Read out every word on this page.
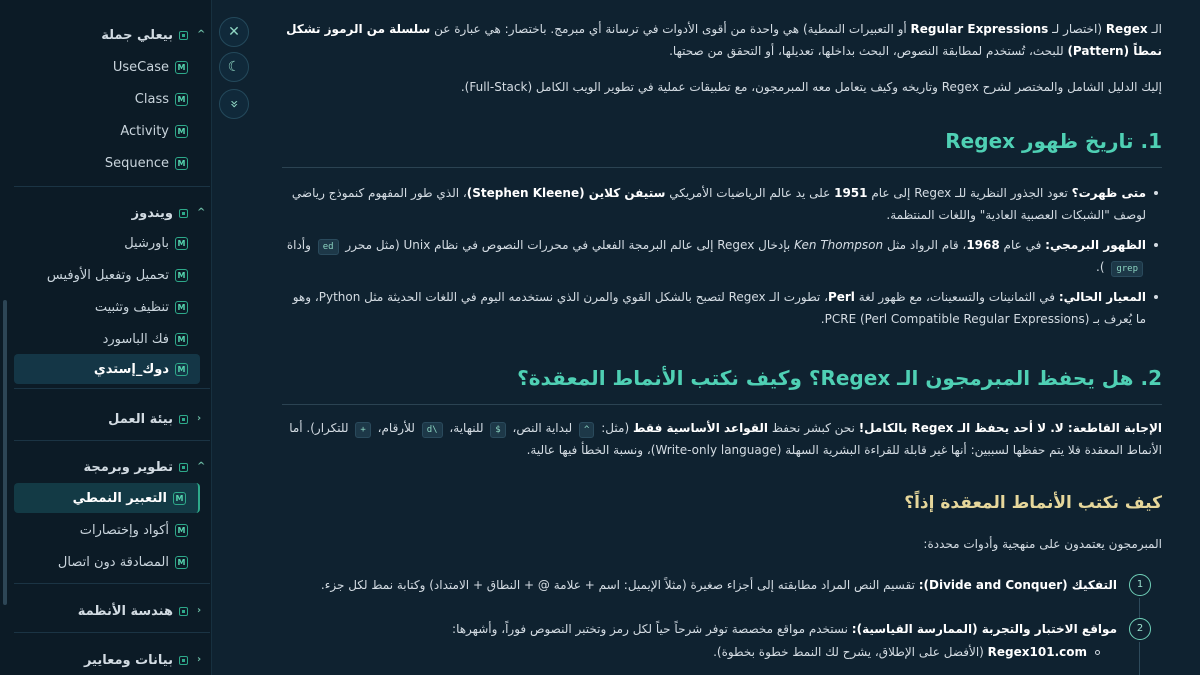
بيعلي جملة ^
UseCase	M
Class	M
Activity	M
Sequence	M
ويندوز ^
باورشيل	M
تحميل وتفعيل الأوفيس	M
تنظيف وتثبيت	M
فك الباسورد	M
دوك_إستدي	M
بيئة العمل ›
تطوير وبرمجة ^
التعبير النمطي	M
أكواد وإختصارات	M
المصادقة دون اتصال	M
هندسة الأنظمة ›
بيانات ومعايير ›
✕
☾
»

الـ Regex (اختصار لـ Regular Expressions أو التعبيرات النمطية) هي واحدة من أقوى الأدوات في ترسانة أي مبرمج. باختصار: هي عبارة عن سلسلة من الرموز تشكل نمطاً (Pattern) للبحث، تُستخدم لمطابقة النصوص، البحث بداخلها، تعديلها، أو التحقق من صحتها.

إليك الدليل الشامل والمختصر لشرح Regex وتاريخه وكيف يتعامل معه المبرمجون، مع تطبيقات عملية في تطوير الويب الكامل (Full-Stack).

1. تاريخ ظهور Regex
متى ظهرت؟ تعود الجذور النظرية للـ Regex إلى عام 1951 على يد عالم الرياضيات الأمريكي ستيفن كلاين (Stephen Kleene)، الذي طور المفهوم كنموذج رياضي لوصف "الشبكات العصبية العادية" واللغات المنتظمة.
الظهور البرمجي: في عام 1968، قام الرواد مثل Ken Thompson بإدخال Regex إلى عالم البرمجة الفعلي في محررات النصوص في نظام Unix (مثل محرر ed وأداة grep ).
المعيار الحالي: في الثمانينات والتسعينات، مع ظهور لغة Perl، تطورت الـ Regex لتصبح بالشكل القوي والمرن الذي نستخدمه اليوم في اللغات الحديثة مثل Python، وهو ما يُعرف بـ PCRE (Perl Compatible Regular Expressions).
2. هل يحفظ المبرمجون الـ Regex؟ وكيف نكتب الأنماط المعقدة؟

الإجابة القاطعة: لا. لا أحد يحفظ الـ Regex بالكامل! نحن كبشر نحفظ القواعد الأساسية فقط (مثل: ^ لبداية النص، $ للنهاية، \d للأرقام، + للتكرار). أما الأنماط المعقدة فلا يتم حفظها لسببين: أنها غير قابلة للقراءة البشرية السهلة (Write-only language)، ونسبة الخطأ فيها عالية.

كيف نكتب الأنماط المعقدة إذاً؟

المبرمجون يعتمدون على منهجية وأدوات محددة:

1
التفكيك (Divide and Conquer): تقسيم النص المراد مطابقته إلى أجزاء صغيرة (مثلاً الإيميل: اسم + علامة @ + النطاق + الامتداد) وكتابة نمط لكل جزء.
2
مواقع الاختبار والتجربة (الممارسة القياسية): نستخدم مواقع مخصصة توفر شرحاً حياً لكل رمز وتختبر النصوص فوراً، وأشهرها:
Regex101.com (الأفضل على الإطلاق، يشرح لك النمط خطوة بخطوة).
